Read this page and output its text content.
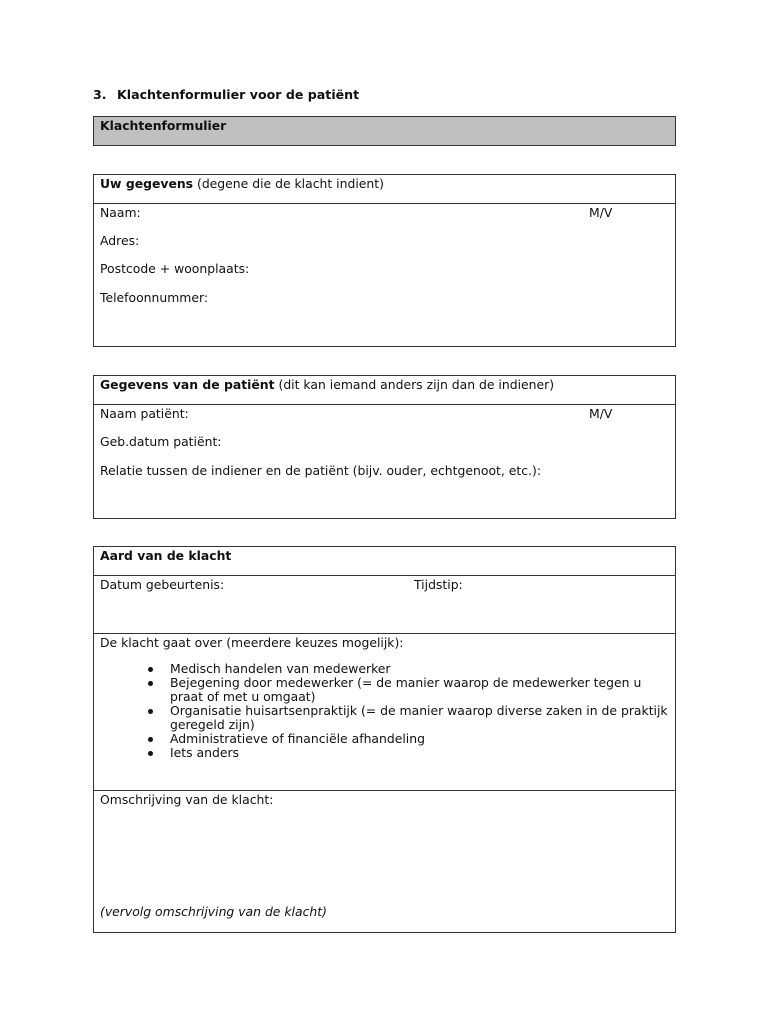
3. Klachtenformulier voor de patiënt
Klachtenformulier
Uw gegevens (degene die de klacht indient)
Naam:	M/V
Adres:
Postcode + woonplaats:
Telefoonnummer:
Gegevens van de patiënt (dit kan iemand anders zijn dan de indiener)
Naam patiënt:	M/V
Geb.datum patiënt:
Relatie tussen de indiener en de patiënt (bijv. ouder, echtgenoot, etc.):
Aard van de klacht
Datum gebeurtenis:	Tijdstip:
De klacht gaat over (meerdere keuzes mogelijk):
Medisch handelen van medewerker
Bejegening door medewerker (= de manier waarop de medewerker tegen u praat of met u omgaat)
Organisatie huisartsenpraktijk (= de manier waarop diverse zaken in de praktijk geregeld zijn)
Administratieve of financiële afhandeling
Iets anders
Omschrijving van de klacht:
(vervolg omschrijving van de klacht)
